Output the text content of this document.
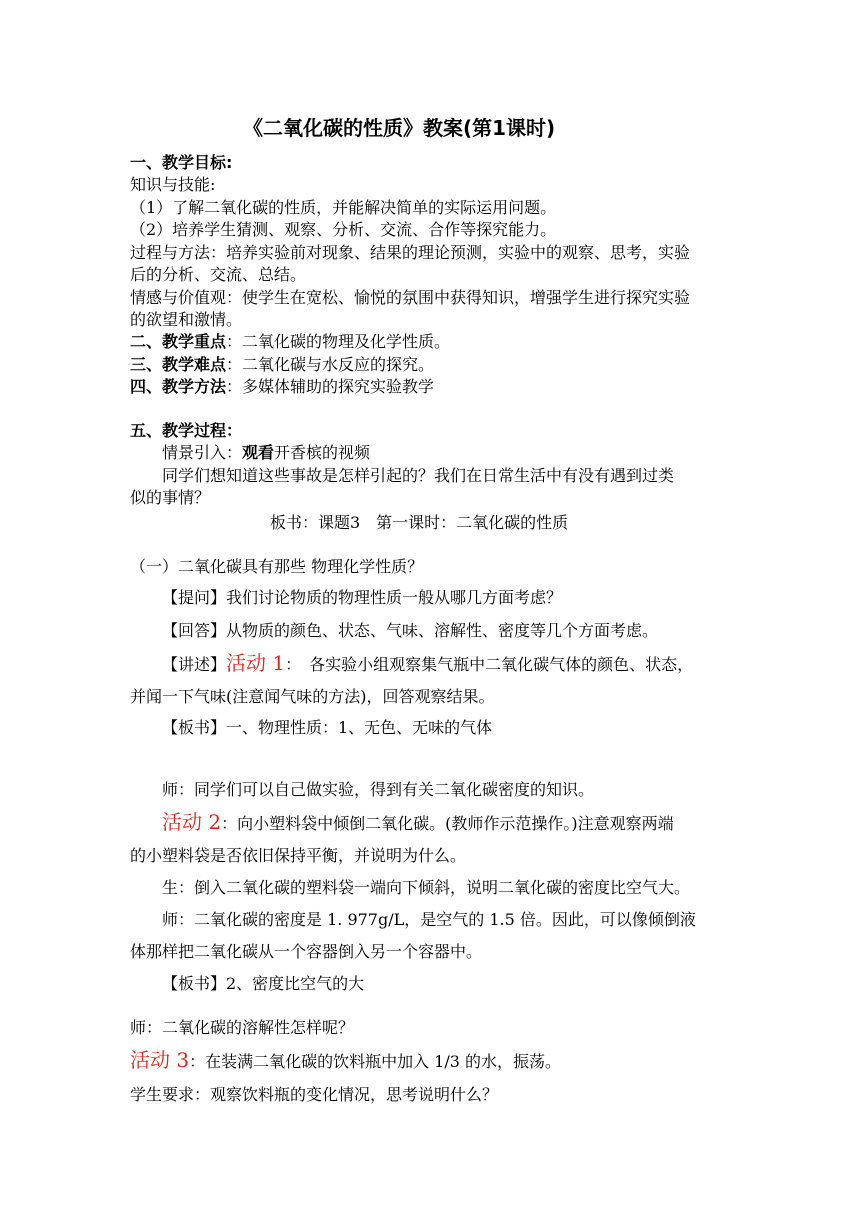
《二氧化碳的性质》教案(第1课时)
一、教学目标:
知识与技能:
（1）了解二氧化碳的性质，并能解决简单的实际运用问题。
（2）培养学生猜测、观察、分析、交流、合作等探究能力。
过程与方法：培养实验前对现象、结果的理论预测，实验中的观察、思考，实验
后的分析、交流、总结。
情感与价值观：使学生在宽松、愉悦的氛围中获得知识，增强学生进行探究实验
的欲望和激情。
二、教学重点：二氧化碳的物理及化学性质。
三、教学难点：二氧化碳与水反应的探究。
四、教学方法：多媒体辅助的探究实验教学
五、教学过程：
情景引入：观看开香槟的视频
同学们想知道这些事故是怎样引起的？我们在日常生活中有没有遇到过类
似的事情？
板书：课题3　第一课时：二氧化碳的性质
（一）二氧化碳具有那些 物理化学性质？
【提问】我们讨论物质的物理性质一般从哪几方面考虑？
【回答】从物质的颜色、状态、气味、溶解性、密度等几个方面考虑。
【讲述】活动 1：　各实验小组观察集气瓶中二氧化碳气体的颜色、状态，
并闻一下气味(注意闻气味的方法)，回答观察结果。
【板书】一、物理性质：1、无色、无味的气体
师：同学们可以自己做实验，得到有关二氧化碳密度的知识。
活动 2：向小塑料袋中倾倒二氧化碳。(教师作示范操作。)注意观察两端
的小塑料袋是否依旧保持平衡，并说明为什么。
生：倒入二氧化碳的塑料袋一端向下倾斜，说明二氧化碳的密度比空气大。
师：二氧化碳的密度是 1. 977g/L，是空气的 1.5 倍。因此，可以像倾倒液
体那样把二氧化碳从一个容器倒入另一个容器中。
【板书】2、密度比空气的大
师：二氧化碳的溶解性怎样呢？
活动 3：在装满二氧化碳的饮料瓶中加入 1/3 的水，振荡。
学生要求：观察饮料瓶的变化情况，思考说明什么？
